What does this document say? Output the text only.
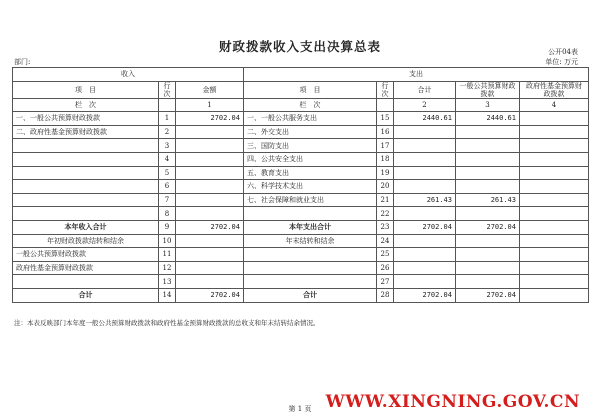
财政拨款收入支出决算总表	公开04表
部门:	单位: 万元
收入			支出				
项　目	行次	金额	项　目	行次	合计	一般公共预算财政拨款	政府性基金预算财政拨款
栏　次		1	栏　次		2	3	4
一、一般公共预算财政拨款	1	2702.04	一、一般公共服务支出	15	2440.61	2440.61	
二、政府性基金预算财政拨款	2		二、外交支出	16			
	3		三、国防支出	17			
	4		四、公共安全支出	18			
	5		五、教育支出	19			
	6		六、科学技术支出	20			
	7		七、社会保障和就业支出	21	261.43	261.43	
	8			22			
本年收入合计	9	2702.04	本年支出合计	23	2702.04	2702.04	
年初财政拨款结转和结余	10		年末结转和结余	24			
一般公共预算财政拨款	11			25			
政府性基金预算财政拨款	12			26			
	13			27			
合计	14	2702.04	合计	28	2702.04	2702.04	
注：本表反映部门本年度一般公共预算财政拨款和政府性基金预算财政拨款的总收支和年末结转结余情况。
第 1 页 WWW.XINGNING.GOV.CN
